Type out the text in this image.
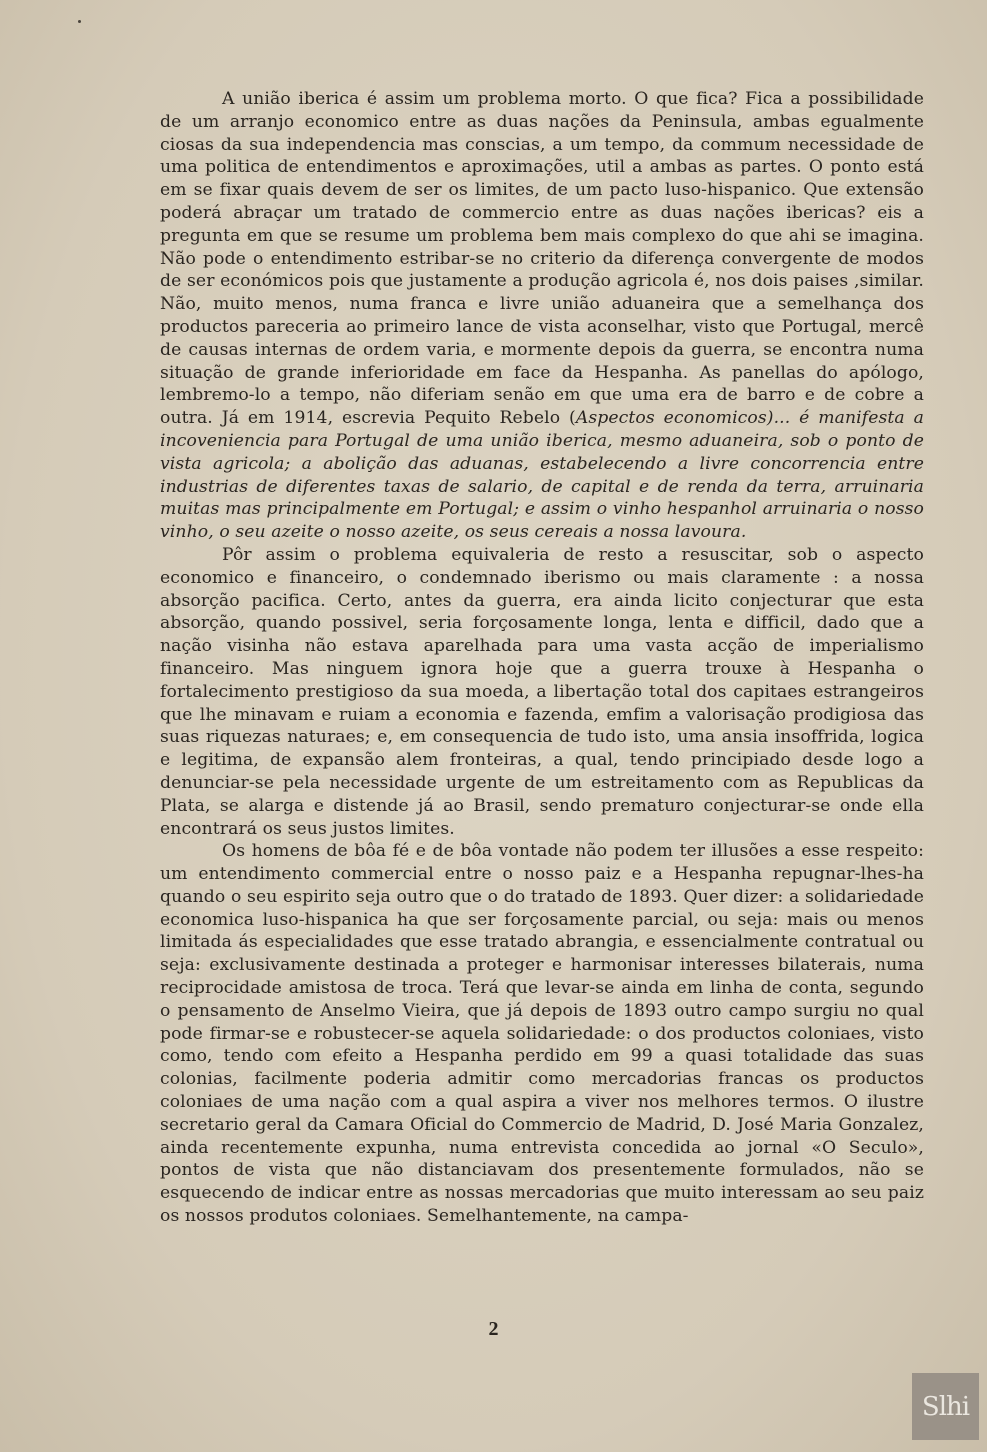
A união iberica é assim um problema morto. O que fica? Fica a possibilidade de um arranjo economico entre as duas nações da Peninsula, ambas egualmente ciosas da sua independencia mas conscias, a um tempo, da commum necessidade de uma politica de entendimentos e aproximações, util a ambas as partes. O ponto está em se fixar quais devem de ser os limites, de um pacto luso-hispanico. Que extensão poderá abraçar um tratado de commercio entre as duas nações ibericas? eis a pregunta em que se resume um problema bem mais complexo do que ahi se imagina. Não pode o entendimento estribar-se no criterio da diferença convergente de modos de ser económicos pois que justamente a produção agricola é, nos dois paises ,similar. Não, muito menos, numa franca e livre união aduaneira que a semelhança dos productos pareceria ao primeiro lance de vista aconselhar, visto que Portugal, mercê de causas internas de ordem varia, e mormente depois da guerra, se encontra numa situação de grande inferioridade em face da Hespanha. As panellas do apólogo, lembremo-lo a tempo, não diferiam senão em que uma era de barro e de cobre a outra. Já em 1914, escrevia Pequito Rebelo (Aspectos economicos)... é manifesta a incoveniencia para Portugal de uma união iberica, mesmo aduaneira, sob o ponto de vista agricola; a abolição das aduanas, estabelecendo a livre concorrencia entre industrias de diferentes taxas de salario, de capital e de renda da terra, arruinaria muitas mas principalmente em Portugal; e assim o vinho hespanhol arruinaria o nosso vinho, o seu azeite o nosso azeite, os seus cereais a nossa lavoura.

Pôr assim o problema equivaleria de resto a resuscitar, sob o aspecto economico e financeiro, o condemnado iberismo ou mais claramente : a nossa absorção pacifica. Certo, antes da guerra, era ainda licito conjecturar que esta absorção, quando possivel, seria forçosamente longa, lenta e difficil, dado que a nação visinha não estava aparelhada para uma vasta acção de imperialismo financeiro. Mas ninguem ignora hoje que a guerra trouxe à Hespanha o fortalecimento prestigioso da sua moeda, a libertação total dos capitaes estrangeiros que lhe minavam e ruiam a economia e fazenda, emfim a valorisação prodigiosa das suas riquezas naturaes; e, em consequencia de tudo isto, uma ansia insoffrida, logica e legitima, de expansão alem fronteiras, a qual, tendo principiado desde logo a denunciar-se pela necessidade urgente de um estreitamento com as Republicas da Plata, se alarga e distende já ao Brasil, sendo prematuro conjecturar-se onde ella encontrará os seus justos limites.

Os homens de bôa fé e de bôa vontade não podem ter illusões a esse respeito: um entendimento commercial entre o nosso paiz e a Hespanha repugnar-lhes-ha quando o seu espirito seja outro que o do tratado de 1893. Quer dizer: a solidariedade economica luso-hispanica ha que ser forçosamente parcial, ou seja: mais ou menos limitada ás especialidades que esse tratado abrangia, e essencialmente contratual ou seja: exclusivamente destinada a proteger e harmonisar interesses bilaterais, numa reciprocidade amistosa de troca. Terá que levar-se ainda em linha de conta, segundo o pensamento de Anselmo Vieira, que já depois de 1893 outro campo surgiu no qual pode firmar-se e robustecer-se aquela solidariedade: o dos productos coloniaes, visto como, tendo com efeito a Hespanha perdido em 99 a quasi totalidade das suas colonias, facilmente poderia admitir como mercadorias francas os productos coloniaes de uma nação com a qual aspira a viver nos melhores termos. O ilustre secretario geral da Camara Oficial do Commercio de Madrid, D. José Maria Gonzalez, ainda recentemente expunha, numa entrevista concedida ao jornal «O Seculo», pontos de vista que não distanciavam dos presentemente formulados, não se esquecendo de indicar entre as nossas mercadorias que muito interessam ao seu paiz os nossos produtos coloniaes. Semelhantemente, na campa-

2
Slhi
